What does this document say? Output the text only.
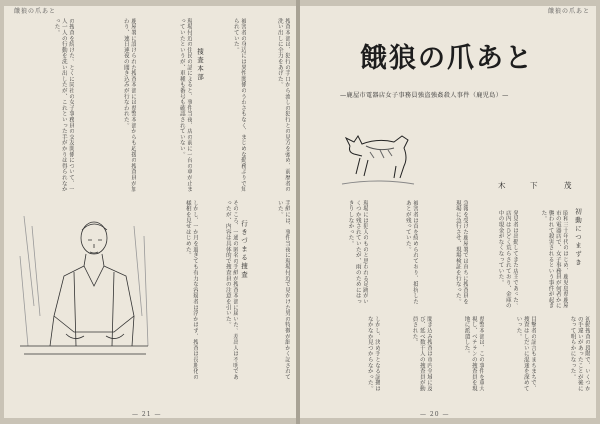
餓狼の爪あと	餓狼の爪あと
の捜査を続けた。とくに同社の女子事務員の交友関係について、一人一人の行動を洗い出したが、これといった手がかりは得られなかった。	鹿屋署に設けられた捜査本部には県警本部からも応援の捜査員が加わり、連日連夜の聞き込みが行なわれた。	現場付近の住民の話によると、事件当夜、店の前に一台の車が止まっていたというが、車種も番号も確認されていない。	捜査本部	被害者の身辺には異性関係のうわさもなく、まじめな勤務ぶりで知られていた。	捜査本部は、犯行の手口から流しの犯行との見方を強め、前歴者の洗い出しに全力をあげた。
しかし、一か月を過ぎても有力な容疑者は浮かばず、捜査は長期化の様相を見せはじめた。	そのころ、一通の匿名の手紙が捜査本部に届いた。差出人は不明であったが、内容は具体的で捜査員の注意を引いた。	行きづまる捜査	手紙には、事件当夜に現場付近で見かけた男の特徴が細かく記されていた。
— 21 —
餓狼の爪あと
—鹿屋市電器店女子事務員強盗強姦殺人事件（鹿児島）—
木	下	茂
初動につまずき
昭和三十年代のはじめ、鹿児島県鹿屋市の電器店で、女子事務員が何者かに襲われて殺害されるという事件が起きた。
発見者は出勤してきた店主であった。店内はひどく荒らされており、金庫の中の現金がなくなっていた。
急報を受けた鹿屋署では直ちに捜査員を現場に急行させ、現場検証を行なった。
被害者は首を絞められており、抵抗したあとが残っていた。
現場には犯人のものと思われる足跡がいくつか残されていたが、雨のためにはっきりしなかった。
初動捜査の段階で、いくつかの手違いがあったことが後になって明らかになった。
目撃者の証言もまちまちで、捜査はしだいに混迷を深めていった。
県警本部は、この事件を重大視し、ベテランの捜査員を現地に派遣した。
聞き込み捜査は市内全域に及び、延べ数千人の捜査員が動員された。
しかし、決め手となる証拠はなかなか見つからなかった。
— 20 —
